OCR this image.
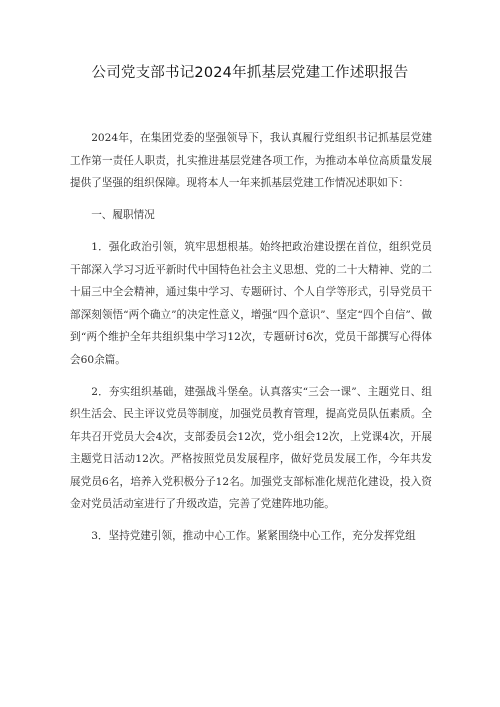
公司党支部书记2024年抓基层党建工作述职报告

2024年，在集团党委的坚强领导下，我认真履行党组织书记抓基层党建工作第一责任人职责，扎实推进基层党建各项工作，为推动本单位高质量发展提供了坚强的组织保障。现将本人一年来抓基层党建工作情况述职如下：

一、履职情况

1．强化政治引领，筑牢思想根基。始终把政治建设摆在首位，组织党员干部深入学习习近平新时代中国特色社会主义思想、党的二十大精神、党的二十届三中全会精神，通过集中学习、专题研讨、个人自学等形式，引导党员干部深刻领悟“两个确立”的决定性意义，增强“四个意识”、坚定“四个自信”、做到“两个维护全年共组织集中学习12次，专题研讨6次，党员干部撰写心得体会60余篇。

2．夯实组织基础，建强战斗堡垒。认真落实“三会一课”、主题党日、组织生活会、民主评议党员等制度，加强党员教育管理，提高党员队伍素质。全年共召开党员大会4次，支部委员会12次，党小组会12次，上党课4次，开展主题党日活动12次。严格按照党员发展程序，做好党员发展工作，今年共发展党员6名，培养入党积极分子12名。加强党支部标准化规范化建设，投入资金对党员活动室进行了升级改造，完善了党建阵地功能。

3．坚持党建引领，推动中心工作。紧紧围绕中心工作，充分发挥党组
